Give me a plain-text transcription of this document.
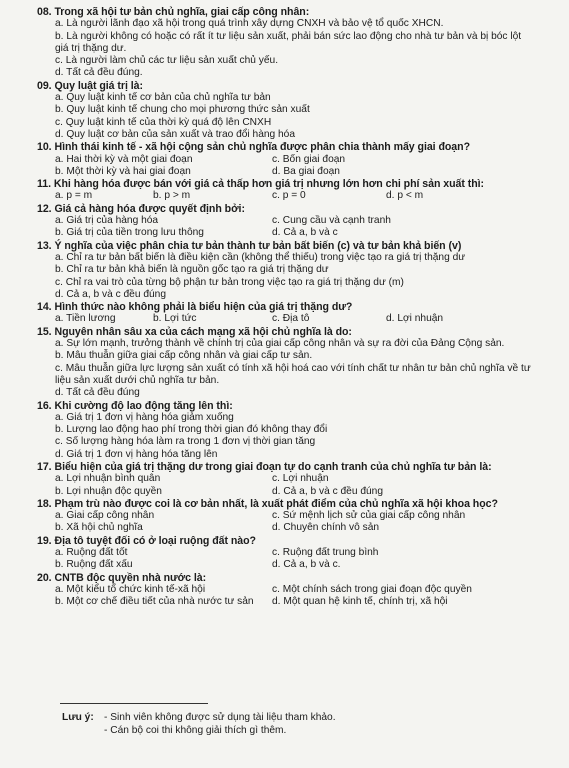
08. Trong xã hội tư bản chủ nghĩa, giai cấp công nhân:
a. Là người lãnh đạo xã hội trong quá trình xây dựng CNXH và bảo vệ tổ quốc XHCN.
b. Là người không có hoặc có rất ít tư liệu sản xuất, phải bán sức lao động cho nhà tư bản và bị bóc lột
giá trị thặng dư.
c. Là người làm chủ các tư liệu sản xuất chủ yếu.
d. Tất cả đều đúng.
09. Quy luật giá trị là:
a. Quy luật kinh tế cơ bản của chủ nghĩa tư bản
b. Quy luật kinh tế chung cho mọi phương thức sản xuất
c. Quy luật kinh tế của thời kỳ quá độ lên CNXH
d. Quy luật cơ bản của sản xuất và trao đổi hàng hóa
10. Hình thái kinh tế - xã hội cộng sản chủ nghĩa được phân chia thành mấy giai đoạn?
a. Hai thời kỳ và một giai đoạn	c. Bốn giai đoạn
b. Một thời kỳ và hai giai đoạn	d. Ba giai đoạn
11. Khi hàng hóa được bán với giá cả thấp hơn giá trị nhưng lớn hơn chi phí sản xuất thì:
a. p = m	b. p > m	c. p = 0	d. p < m
12. Giá cả hàng hóa được quyết định bởi:
a. Giá trị của hàng hóa	c. Cung cầu và cạnh tranh
b. Giá trị của tiền trong lưu thông	d. Cả a, b và c
13. Ý nghĩa của việc phân chia tư bản thành tư bản bất biến (c) và tư bản khả biến (v)
a. Chỉ ra tư bản bất biến là điều kiện cần (không thể thiếu) trong việc tạo ra giá trị thặng dư
b. Chỉ ra tư bản khả biến là nguồn gốc tạo ra giá trị thặng dư
c. Chỉ ra vai trò của từng bộ phận tư bản trong việc tạo ra giá trị thặng dư (m)
d. Cả a, b và c đều đúng
14. Hình thức nào không phải là biểu hiện của giá trị thặng dư?
a. Tiền lương	b. Lợi tức	c. Địa tô	d. Lợi nhuận
15. Nguyên nhân sâu xa của cách mạng xã hội chủ nghĩa là do:
a. Sự lớn mạnh, trưởng thành về chính trị của giai cấp công nhân và sự ra đời của Đảng Cộng sản.
b. Mâu thuẫn giữa giai cấp công nhân và giai cấp tư sản.
c. Mâu thuẫn giữa lực lượng sản xuất có tính xã hội hoá cao với tính chất tư nhân tư bản chủ nghĩa về tư
liệu sản xuất dưới chủ nghĩa tư bản.
d. Tất cả đều đúng
16. Khi cường độ lao động tăng lên thì:
a. Giá trị 1 đơn vị hàng hóa giảm xuống
b. Lượng lao động hao phí trong thời gian đó không thay đổi
c. Số lượng hàng hóa làm ra trong 1 đơn vị thời gian tăng
d. Giá trị 1 đơn vị hàng hóa tăng lên
17. Biểu hiện của giá trị thặng dư trong giai đoạn tự do cạnh tranh của chủ nghĩa tư bản là:
a. Lợi nhuận bình quân	c. Lợi nhuận
b. Lợi nhuận độc quyền	d. Cả a, b và c đều đúng
18. Phạm trù nào được coi là cơ bản nhất, là xuất phát điểm của chủ nghĩa xã hội khoa học?
a. Giai cấp công nhân	c. Sứ mệnh lịch sử của giai cấp công nhân
b. Xã hội chủ nghĩa	d. Chuyên chính vô sản
19. Địa tô tuyệt đối có ở loại ruộng đất nào?
a. Ruộng đất tốt	c. Ruộng đất trung bình
b. Ruộng đất xấu	d. Cả a, b và c.
20. CNTB độc quyền nhà nước là:
a. Một kiểu tổ chức kinh tế-xã hội	c. Một chính sách trong giai đoạn độc quyền
b. Một cơ chế điều tiết của nhà nước tư sản d. Một quan hệ kinh tế, chính trị, xã hội
Lưu ý: - Sinh viên không được sử dụng tài liệu tham khảo.
- Cán bộ coi thi không giải thích gì thêm.
